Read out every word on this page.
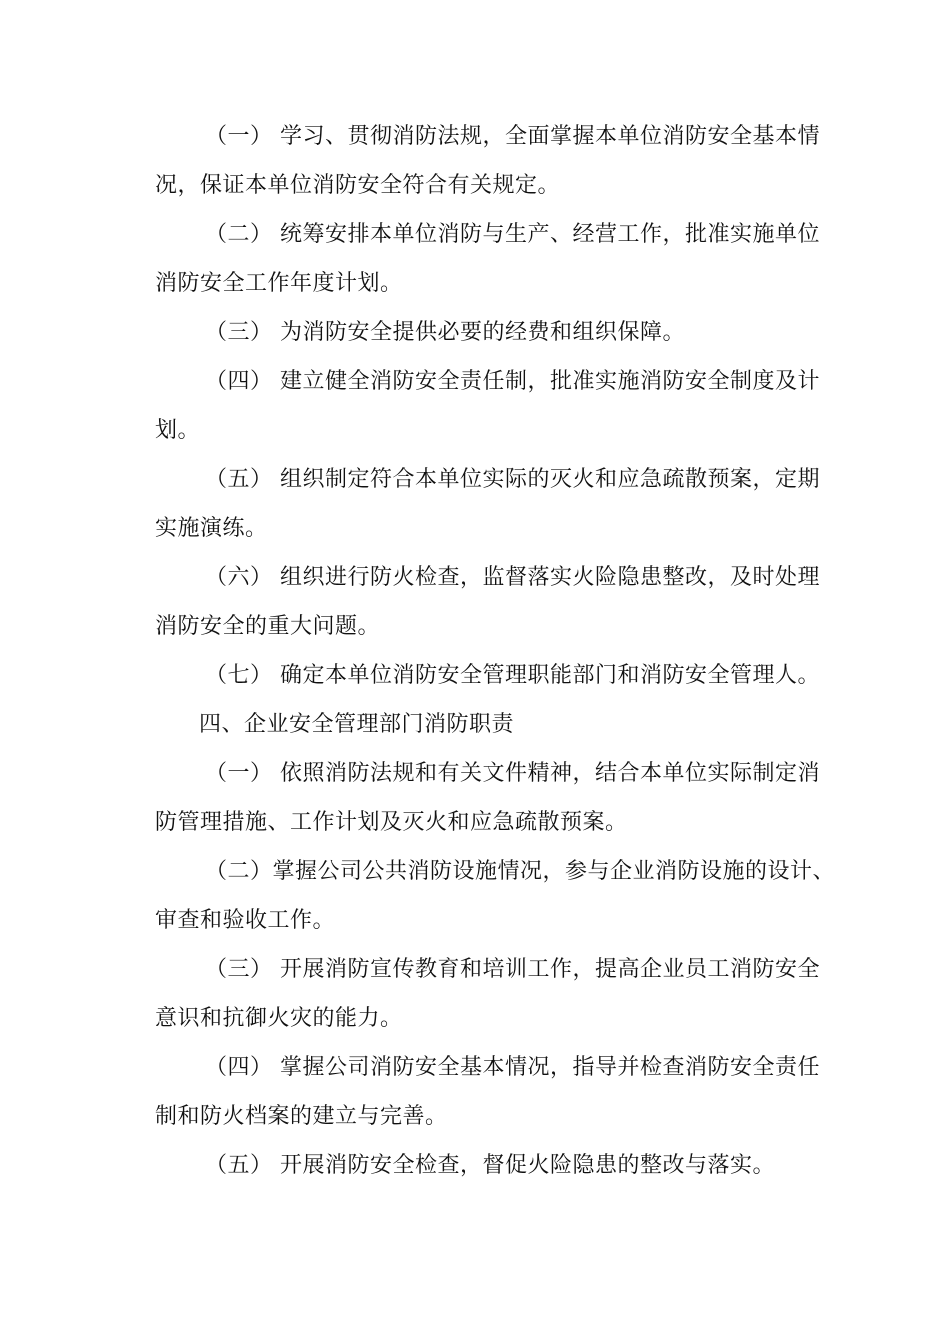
（一） 学习、贯彻消防法规，全面掌握本单位消防安全基本情
况，保证本单位消防安全符合有关规定。

（二） 统筹安排本单位消防与生产、经营工作，批准实施单位
消防安全工作年度计划。

（三） 为消防安全提供必要的经费和组织保障。

（四） 建立健全消防安全责任制，批准实施消防安全制度及计
划。

（五） 组织制定符合本单位实际的灭火和应急疏散预案，定期
实施演练。

（六） 组织进行防火检查，监督落实火险隐患整改，及时处理
消防安全的重大问题。

（七） 确定本单位消防安全管理职能部门和消防安全管理人。

四、企业安全管理部门消防职责

（一） 依照消防法规和有关文件精神，结合本单位实际制定消
防管理措施、工作计划及灭火和应急疏散预案。

（二）掌握公司公共消防设施情况，参与企业消防设施的设计、
审查和验收工作。

（三） 开展消防宣传教育和培训工作，提高企业员工消防安全
意识和抗御火灾的能力。

（四） 掌握公司消防安全基本情况，指导并检查消防安全责任
制和防火档案的建立与完善。

（五） 开展消防安全检查，督促火险隐患的整改与落实。
